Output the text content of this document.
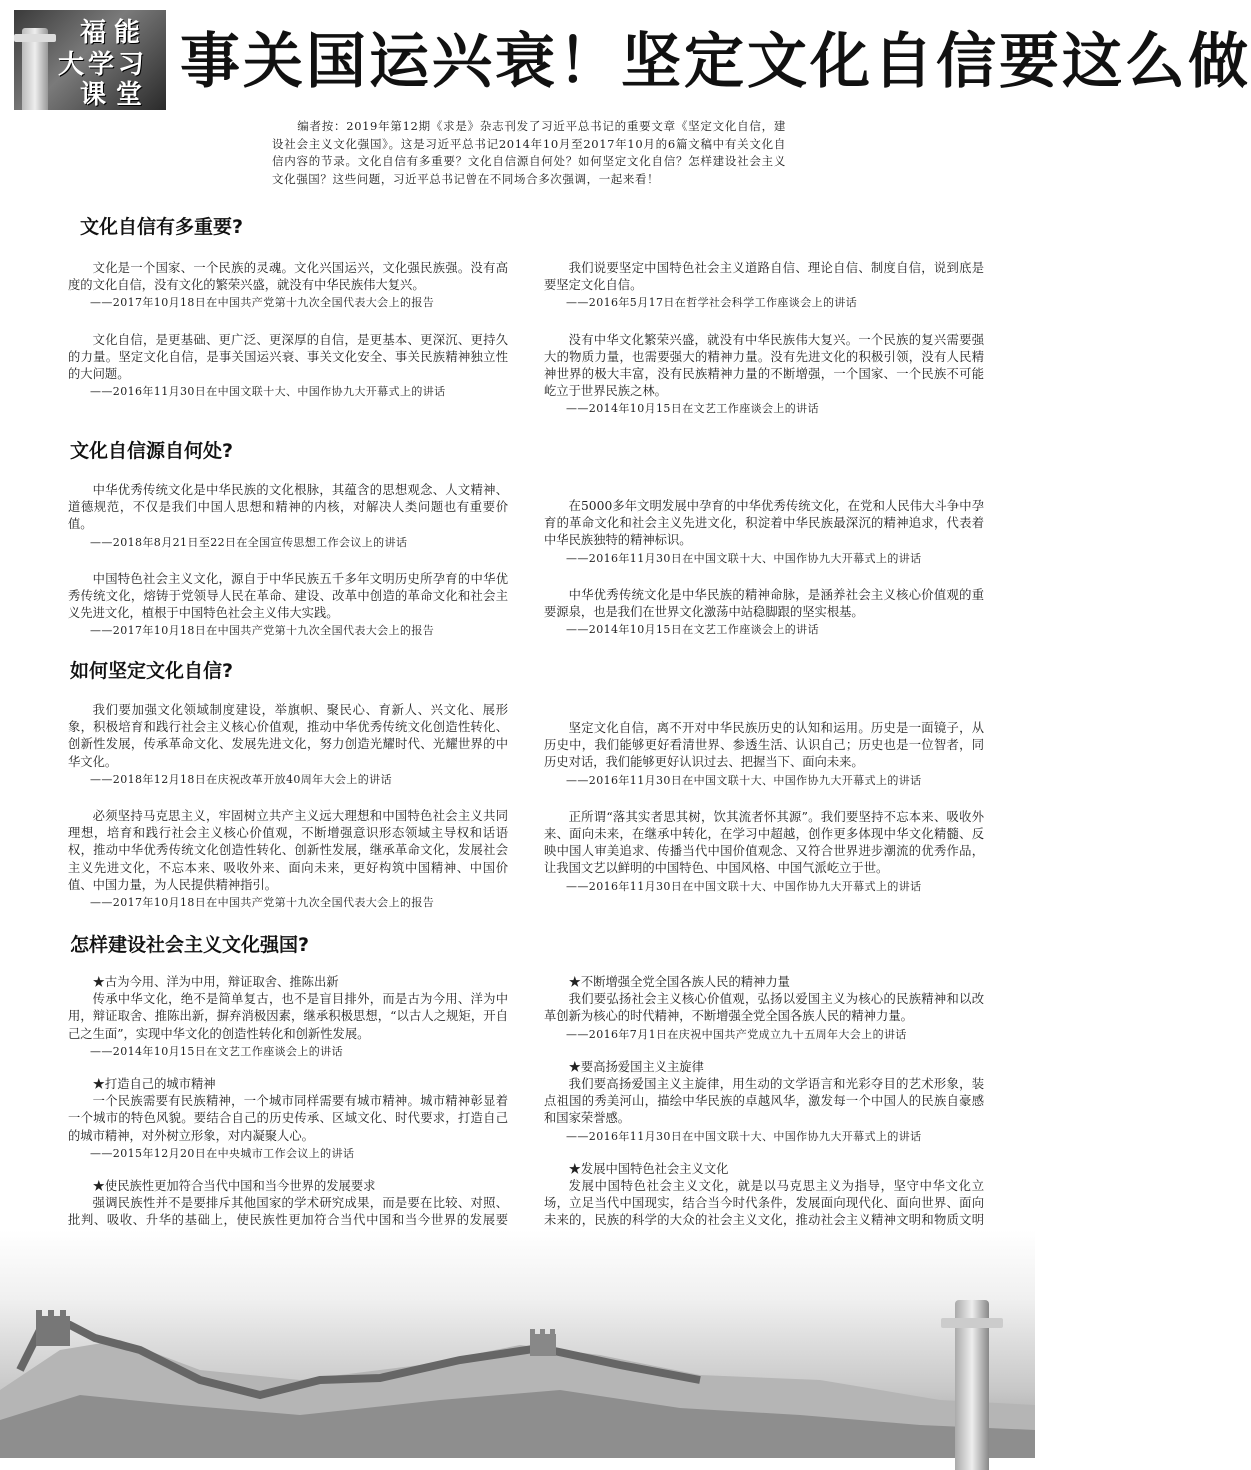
福能
大学习
课堂 事关国运兴衰！坚定文化自信要这么做

编者按：2019年第12期《求是》杂志刊发了习近平总书记的重要文章《坚定文化自信，建设社会主义文化强国》。这是习近平总书记2014年10月至2017年10月的6篇文稿中有关文化自信内容的节录。文化自信有多重要？文化自信源自何处？如何坚定文化自信？怎样建设社会主义文化强国？这些问题，习近平总书记曾在不同场合多次强调，一起来看！

文化自信有多重要?

文化是一个国家、一个民族的灵魂。文化兴国运兴，文化强民族强。没有高度的文化自信，没有文化的繁荣兴盛，就没有中华民族伟大复兴。

——2017年10月18日在中国共产党第十九次全国代表大会上的报告

文化自信，是更基础、更广泛、更深厚的自信，是更基本、更深沉、更持久的力量。坚定文化自信，是事关国运兴衰、事关文化安全、事关民族精神独立性的大问题。

——2016年11月30日在中国文联十大、中国作协九大开幕式上的讲话

我们说要坚定中国特色社会主义道路自信、理论自信、制度自信，说到底是要坚定文化自信。

——2016年5月17日在哲学社会科学工作座谈会上的讲话

没有中华文化繁荣兴盛，就没有中华民族伟大复兴。一个民族的复兴需要强大的物质力量，也需要强大的精神力量。没有先进文化的积极引领，没有人民精神世界的极大丰富，没有民族精神力量的不断增强，一个国家、一个民族不可能屹立于世界民族之林。

——2014年10月15日在文艺工作座谈会上的讲话

文化自信源自何处?

中华优秀传统文化是中华民族的文化根脉，其蕴含的思想观念、人文精神、道德规范，不仅是我们中国人思想和精神的内核，对解决人类问题也有重要价值。

——2018年8月21日至22日在全国宣传思想工作会议上的讲话

中国特色社会主义文化，源自于中华民族五千多年文明历史所孕育的中华优秀传统文化，熔铸于党领导人民在革命、建设、改革中创造的革命文化和社会主义先进文化，植根于中国特色社会主义伟大实践。

——2017年10月18日在中国共产党第十九次全国代表大会上的报告

在5000多年文明发展中孕育的中华优秀传统文化，在党和人民伟大斗争中孕育的革命文化和社会主义先进文化，积淀着中华民族最深沉的精神追求，代表着中华民族独特的精神标识。

——2016年11月30日在中国文联十大、中国作协九大开幕式上的讲话

中华优秀传统文化是中华民族的精神命脉，是涵养社会主义核心价值观的重要源泉，也是我们在世界文化激荡中站稳脚跟的坚实根基。

——2014年10月15日在文艺工作座谈会上的讲话

如何坚定文化自信?

我们要加强文化领域制度建设，举旗帜、聚民心、育新人、兴文化、展形象，积极培育和践行社会主义核心价值观，推动中华优秀传统文化创造性转化、创新性发展，传承革命文化、发展先进文化，努力创造光耀时代、光耀世界的中华文化。

——2018年12月18日在庆祝改革开放40周年大会上的讲话

必须坚持马克思主义，牢固树立共产主义远大理想和中国特色社会主义共同理想，培育和践行社会主义核心价值观，不断增强意识形态领域主导权和话语权，推动中华优秀传统文化创造性转化、创新性发展，继承革命文化，发展社会主义先进文化，不忘本来、吸收外来、面向未来，更好构筑中国精神、中国价值、中国力量，为人民提供精神指引。

——2017年10月18日在中国共产党第十九次全国代表大会上的报告

坚定文化自信，离不开对中华民族历史的认知和运用。历史是一面镜子，从历史中，我们能够更好看清世界、参透生活、认识自己；历史也是一位智者，同历史对话，我们能够更好认识过去、把握当下、面向未来。

——2016年11月30日在中国文联十大、中国作协九大开幕式上的讲话

正所谓“落其实者思其树，饮其流者怀其源”。我们要坚持不忘本来、吸收外来、面向未来，在继承中转化，在学习中超越，创作更多体现中华文化精髓、反映中国人审美追求、传播当代中国价值观念、又符合世界进步潮流的优秀作品，让我国文艺以鲜明的中国特色、中国风格、中国气派屹立于世。

——2016年11月30日在中国文联十大、中国作协九大开幕式上的讲话

怎样建设社会主义文化强国?

★古为今用、洋为中用，辩证取舍、推陈出新

传承中华文化，绝不是简单复古，也不是盲目排外，而是古为今用、洋为中用，辩证取舍、推陈出新，摒弃消极因素，继承积极思想，“以古人之规矩，开自己之生面”，实现中华文化的创造性转化和创新性发展。

——2014年10月15日在文艺工作座谈会上的讲话

★打造自己的城市精神

一个民族需要有民族精神，一个城市同样需要有城市精神。城市精神彰显着一个城市的特色风貌。要结合自己的历史传承、区域文化、时代要求，打造自己的城市精神，对外树立形象，对内凝聚人心。

——2015年12月20日在中央城市工作会议上的讲话

★使民族性更加符合当代中国和当今世界的发展要求

强调民族性并不是要排斥其他国家的学术研究成果，而是要在比较、对照、批判、吸收、升华的基础上，使民族性更加符合当代中国和当今世界的发展要

★不断增强全党全国各族人民的精神力量

我们要弘扬社会主义核心价值观，弘扬以爱国主义为核心的民族精神和以改革创新为核心的时代精神，不断增强全党全国各族人民的精神力量。

——2016年7月1日在庆祝中国共产党成立九十五周年大会上的讲话

★要高扬爱国主义主旋律

我们要高扬爱国主义主旋律，用生动的文学语言和光彩夺目的艺术形象，装点祖国的秀美河山，描绘中华民族的卓越风华，激发每一个中国人的民族自豪感和国家荣誉感。

——2016年11月30日在中国文联十大、中国作协九大开幕式上的讲话

★发展中国特色社会主义文化

发展中国特色社会主义文化，就是以马克思主义为指导，坚守中华文化立场，立足当代中国现实，结合当今时代条件，发展面向现代化、面向世界、面向未来的，民族的科学的大众的社会主义文化，推动社会主义精神文明和物质文明
